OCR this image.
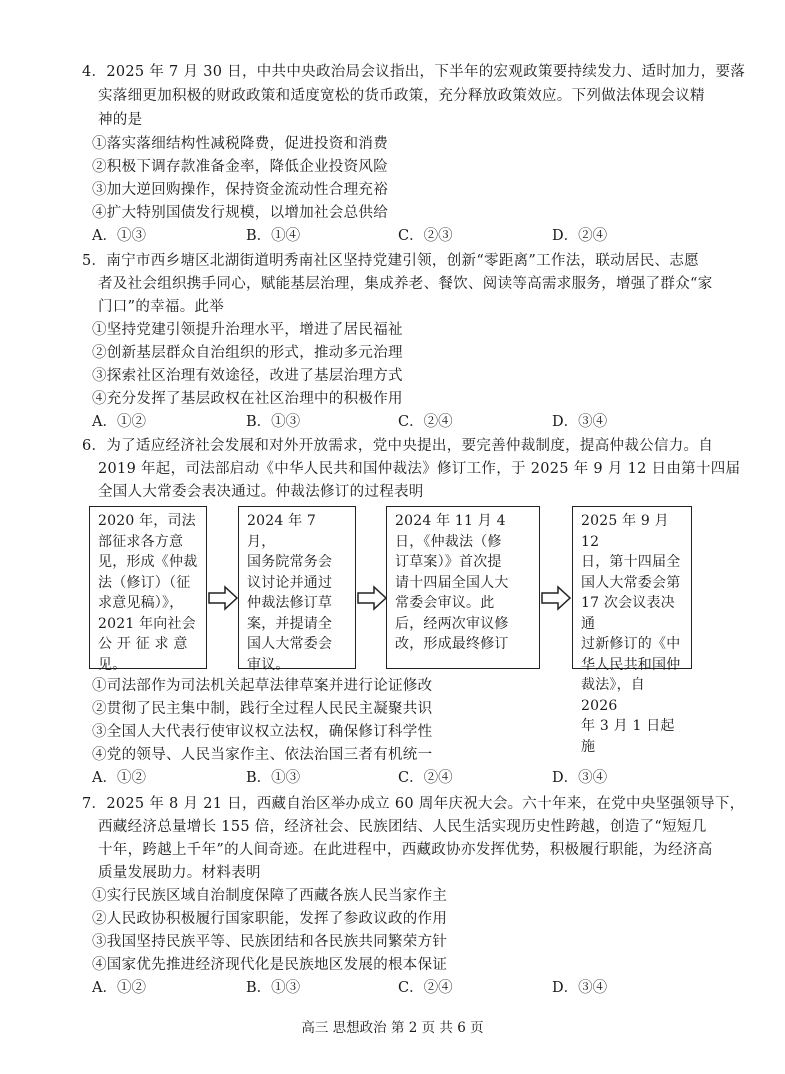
4．2025 年 7 月 30 日，中共中央政治局会议指出，下半年的宏观政策要持续发力、适时加力，要落
实落细更加积极的财政政策和适度宽松的货币政策，充分释放政策效应。下列做法体现会议精
神的是
①落实落细结构性减税降费，促进投资和消费
②积极下调存款准备金率，降低企业投资风险
③加大逆回购操作，保持资金流动性合理充裕
④扩大特别国债发行规模，以增加社会总供给
A．①③	B．①④	C．②③	D．②④
5．南宁市西乡塘区北湖街道明秀南社区坚持党建引领，创新“零距离”工作法，联动居民、志愿
者及社会组织携手同心，赋能基层治理，集成养老、餐饮、阅读等高需求服务，增强了群众“家
门口”的幸福。此举
①坚持党建引领提升治理水平，增进了居民福祉
②创新基层群众自治组织的形式，推动多元治理
③探索社区治理有效途径，改进了基层治理方式
④充分发挥了基层政权在社区治理中的积极作用
A．①②	B．①③	C．②④	D．③④
6．为了适应经济社会发展和对外开放需求，党中央提出，要完善仲裁制度，提高仲裁公信力。自
2019 年起，司法部启动《中华人民共和国仲裁法》修订工作，于 2025 年 9 月 12 日由第十四届
全国人大常委会表决通过。仲裁法修订的过程表明
2020 年，司法
部征求各方意
见，形成《仲裁
法（修订）（征
求意见稿）》，
2021 年向社会
公 开 征 求 意
见。
2024 年 7 月，
国务院常务会
议讨论并通过
仲裁法修订草
案，并提请全
国人大常委会
审议。
2024 年 11 月 4
日，《仲裁法（修
订草案）》首次提
请十四届全国人大
常委会审议。此
后，经两次审议修
改，形成最终修订
2025 年 9 月 12
日，第十四届全
国人大常委会第
17 次会议表决通
过新修订的《中
华人民共和国仲
裁法》，自 2026
年 3 月 1 日起施
①司法部作为司法机关起草法律草案并进行论证修改
②贯彻了民主集中制，践行全过程人民民主凝聚共识
③全国人大代表行使审议权立法权，确保修订科学性
④党的领导、人民当家作主、依法治国三者有机统一
A．①②	B．①③	C．②④	D．③④
7．2025 年 8 月 21 日，西藏自治区举办成立 60 周年庆祝大会。六十年来，在党中央坚强领导下，
西藏经济总量增长 155 倍，经济社会、民族团结、人民生活实现历史性跨越，创造了“短短几
十年，跨越上千年”的人间奇迹。在此进程中，西藏政协亦发挥优势，积极履行职能，为经济高
质量发展助力。材料表明
①实行民族区域自治制度保障了西藏各族人民当家作主
②人民政协积极履行国家职能，发挥了参政议政的作用
③我国坚持民族平等、民族团结和各民族共同繁荣方针
④国家优先推进经济现代化是民族地区发展的根本保证
A．①②	B．①③	C．②④	D．③④
高三 思想政治 第 2 页 共 6 页
